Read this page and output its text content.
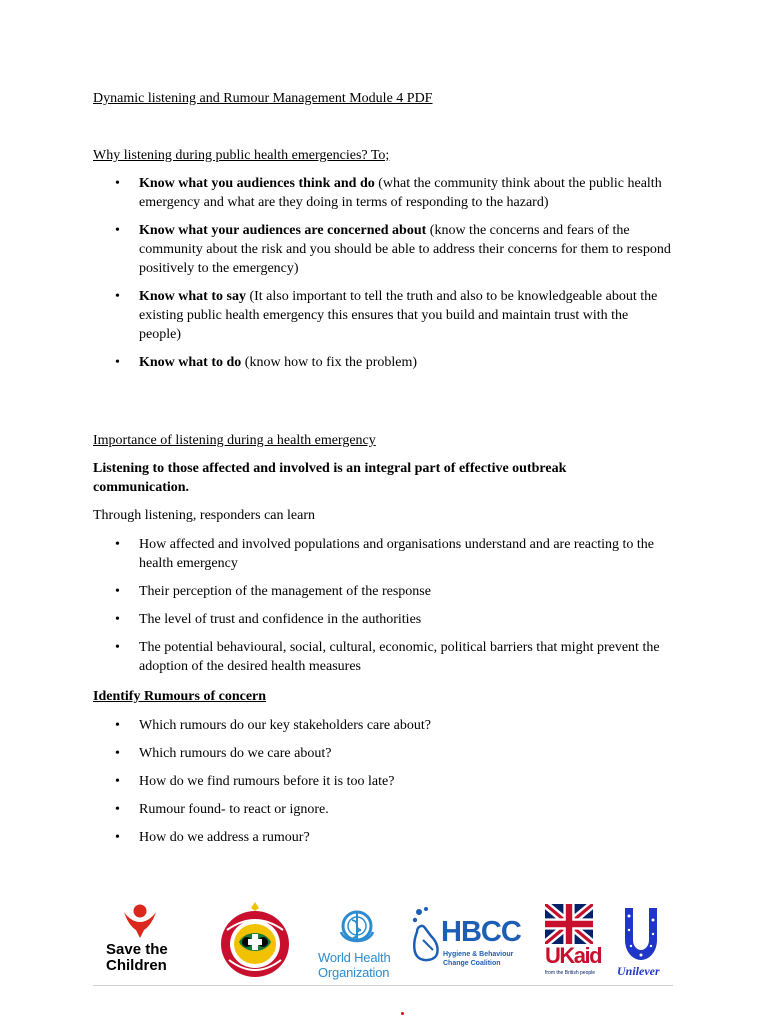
Dynamic listening and Rumour Management Module 4 PDF
Why listening during public health emergencies? To;
• Know what you audiences think and do (what the community think about the public health emergency and what are they doing in terms of responding to the hazard)
• Know what your audiences are concerned about (know the concerns and fears of the community about the risk and you should be able to address their concerns for them to respond positively to the emergency)
• Know what to say (It also important to tell the truth and also to be knowledgeable about the existing public health emergency this ensures that you build and maintain trust with the people)
• Know what to do (know how to fix the problem)
Importance of listening during a health emergency
Listening to those affected and involved is an integral part of effective outbreak communication.
Through listening, responders can learn
• How affected and involved populations and organisations understand and are reacting to the health emergency
• Their perception of the management of the response
• The level of trust and confidence in the authorities
• The potential behavioural, social, cultural, economic, political barriers that might prevent the adoption of the desired health measures
Identify Rumours of concern
• Which rumours do our key stakeholders care about?
• Which rumours do we care about?
• How do we find rumours before it is too late?
• Rumour found- to react or ignore.
• How do we address a rumour?
Save the
Children	World Health
Organization
HBCC
Hygiene & Behaviour
Change Coalition UKaid
from the British people	Unilever
